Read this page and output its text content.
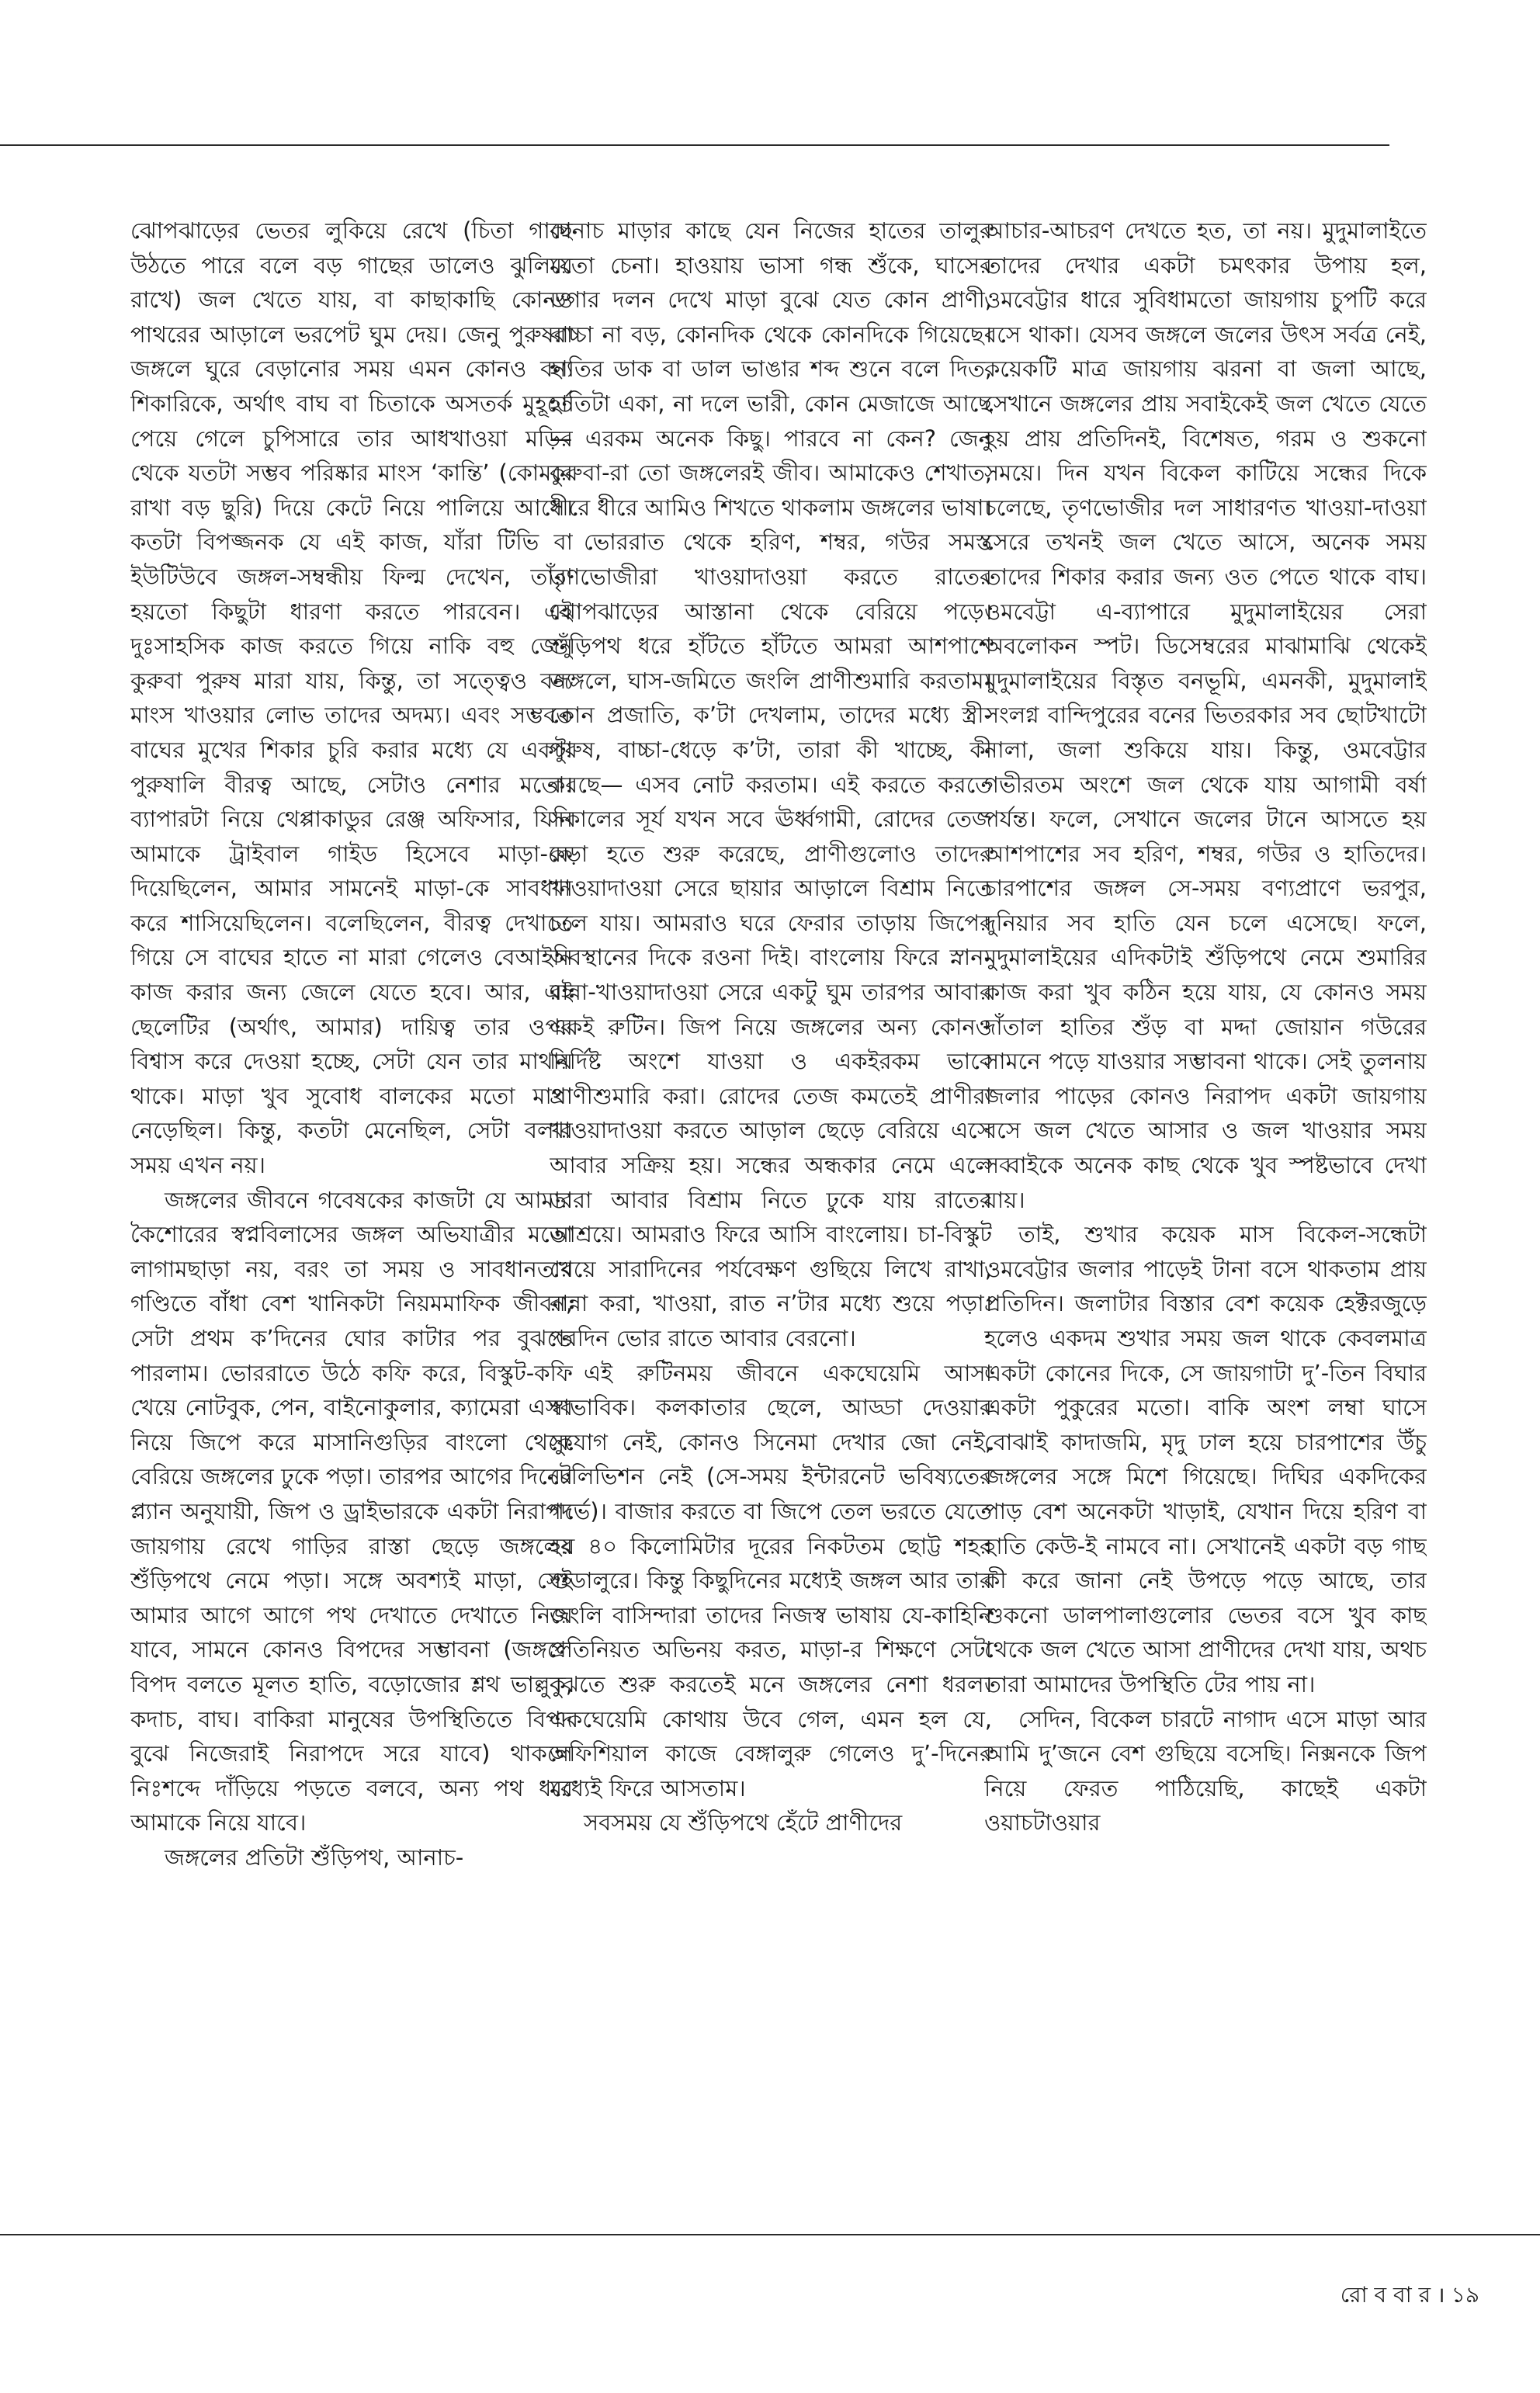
ঝোপঝাড়ের ভেতর লুকিয়ে রেখে (চিতা গাছে উঠতে পারে বলে বড় গাছের ডালেও ঝুলিয়ে রাখে) জল খেতে যায়, বা কাছাকাছি কোনও পাথরের আড়ালে ভরপেট ঘুম দেয়। জেনু পুরুষরা জঙ্গলে ঘুরে বেড়ানোর সময় এমন কোনও বন্য শিকারিকে, অর্থাৎ বাঘ বা চিতাকে অসতর্ক মুহূর্তে পেয়ে গেলে চুপিসারে তার আধখাওয়া মড়ির থেকে যতটা সম্ভব পরিষ্কার মাংস ‘কান্তি’ (কোমরে রাখা বড় ছুরি) দিয়ে কেটে নিয়ে পালিয়ে আসে। কতটা বিপজ্জনক যে এই কাজ, যাঁরা টিভি বা ইউটিউবে জঙ্গল-সম্বন্ধীয় ফিল্ম দেখেন, তাঁরা হয়তো কিছুটা ধারণা করতে পারবেন। এই দুঃসাহসিক কাজ করতে গিয়ে নাকি বহু জেনু কুরুবা পুরুষ মারা যায়, কিন্তু, তা সত্ত্বেও বন্য মাংস খাওয়ার লোভ তাদের অদম্য। এবং সম্ভবত বাঘের মুখের শিকার চুরি করার মধ্যে যে একটা পুরুষালি বীরত্ব আছে, সেটাও নেশার মতো। ব্যাপারটা নিয়ে থেপ্পাকাডুর রেঞ্জ অফিসার, যিনি আমাকে ট্রাইবাল গাইড হিসেবে মাড়া-কে দিয়েছিলেন, আমার সামনেই মাড়া-কে সাবধান করে শাসিয়েছিলেন। বলেছিলেন, বীরত্ব দেখাতে গিয়ে সে বাঘের হাতে না মারা গেলেও বেআইনি কাজ করার জন্য জেলে যেতে হবে। আর, এই ছেলেটির (অর্থাৎ, আমার) দায়িত্ব তার ওপর বিশ্বাস করে দেওয়া হচ্ছে, সেটা যেন তার মাথায় থাকে। মাড়া খুব সুবোধ বালকের মতো মাথা নেড়েছিল। কিন্তু, কতটা মেনেছিল, সেটা বলার সময় এখন নয়।

জঙ্গলের জীবনে গবেষকের কাজটা যে আমার কৈশোরের স্বপ্নবিলাসের জঙ্গল অভিযাত্রীর মতো লাগামছাড়া নয়, বরং তা সময় ও সাবধানতার গণ্ডিতে বাঁধা বেশ খানিকটা নিয়মমাফিক জীবন, সেটা প্রথম ক’দিনের ঘোর কাটার পর বুঝতে পারলাম। ভোররাতে উঠে কফি করে, বিস্কুট-কফি খেয়ে নোটবুক, পেন, বাইনোকুলার, ক্যামেরা এসব নিয়ে জিপে করে মাসানিগুড়ির বাংলো থেকে বেরিয়ে জঙ্গলের ঢুকে পড়া। তারপর আগের দিনের প্ল্যান অনুযায়ী, জিপ ও ড্রাইভারকে একটা নিরাপদ জায়গায় রেখে গাড়ির রাস্তা ছেড়ে জঙ্গলের শুঁড়িপথে নেমে পড়া। সঙ্গে অবশ্যই মাড়া, সেই আমার আগে আগে পথ দেখাতে দেখাতে নিয়ে যাবে, সামনে কোনও বিপদের সম্ভাবনা (জঙ্গলে বিপদ বলতে মূলত হাতি, বড়োজোর শ্লথ ভাল্লুক, কদাচ, বাঘ। বাকিরা মানুষের উপস্থিতিতে বিপদ বুঝে নিজেরাই নিরাপদে সরে যাবে) থাকলে নিঃশব্দে দাঁড়িয়ে পড়তে বলবে, অন্য পথ ধরে আমাকে নিয়ে যাবে।

জঙ্গলের প্রতিটা শুঁড়িপথ, আনাচ-

কানাচ মাড়ার কাছে যেন নিজের হাতের তালুর মতো চেনা। হাওয়ায় ভাসা গন্ধ শুঁকে, ঘাসের ডগার দলন দেখে মাড়া বুঝে যেত কোন প্রাণী, বাচ্চা না বড়, কোনদিক থেকে কোনদিকে গিয়েছে। হাতির ডাক বা ডাল ভাঙার শব্দ শুনে বলে দিত, হাতিটা একা, না দলে ভারী, কোন মেজাজে আছে— এরকম অনেক কিছু। পারবে না কেন? জেনু কুরুবা-রা তো জঙ্গলেরই জীব। আমাকেও শেখাত, ধীরে ধীরে আমিও শিখতে থাকলাম জঙ্গলের ভাষা।

ভোররাত থেকে হরিণ, শম্বর, গউর সমস্ত তৃণভোজীরা খাওয়াদাওয়া করতে রাতের ঝোপঝাড়ের আস্তানা থেকে বেরিয়ে পড়ে। শুঁড়িপথ ধরে হাঁটতে হাঁটতে আমরা আশপাশে জঙ্গলে, ঘাস-জমিতে জংলি প্রাণীশুমারি করতাম। কোন প্রজাতি, ক’টা দেখলাম, তাদের মধ্যে স্ত্রী-পুরুষ, বাচ্চা-ধেড়ে ক’টা, তারা কী খাচ্ছে, কী করছে— এসব নোট করতাম। এই করতে করতে সকালের সূর্য যখন সবে ঊর্ধ্বগামী, রোদের তেজ কড়া হতে শুরু করেছে, প্রাণীগুলোও তাদের খাওয়াদাওয়া সেরে ছায়ার আড়ালে বিশ্রাম নিতে চলে যায়। আমরাও ঘরে ফেরার তাড়ায় জিপের অবস্থানের দিকে রওনা দিই। বাংলোয় ফিরে স্নান-রান্না-খাওয়াদাওয়া সেরে একটু ঘুম তারপর আবার একই রুটিন। জিপ নিয়ে জঙ্গলের অন্য কোনও নির্দিষ্ট অংশে যাওয়া ও একইরকম ভাবে প্রাণীশুমারি করা। রোদের তেজ কমতেই প্রাণীরা খাওয়াদাওয়া করতে আড়াল ছেড়ে বেরিয়ে এসে আবার সক্রিয় হয়। সন্ধের অন্ধকার নেমে এলে তারা আবার বিশ্রাম নিতে ঢুকে যায় রাতের আশ্রয়ে। আমরাও ফিরে আসি বাংলোয়। চা-বিস্কুট খেয়ে সারাদিনের পর্যবেক্ষণ গুছিয়ে লিখে রাখা, রান্না করা, খাওয়া, রাত ন’টার মধ্যে শুয়ে পড়া। পরদিন ভোর রাতে আবার বেরনো।

এই রুটিনময় জীবনে একঘেয়েমি আসা স্বাভাবিক। কলকাতার ছেলে, আড্ডা দেওয়ার সুযোগ নেই, কোনও সিনেমা দেখার জো নেই, টেলিভিশন নেই (সে-সময় ইন্টারনেট ভবিষ্যতের গর্ভে)। বাজার করতে বা জিপে তেল ভরতে যেতে হয় ৪০ কিলোমিটার দূরের নিকটতম ছোট্ট শহর গুডালুরে। কিন্তু কিছুদিনের মধ্যেই জঙ্গল আর তার জংলি বাসিন্দারা তাদের নিজস্ব ভাষায় যে-কাহিনি প্রতিনিয়ত অভিনয় করত, মাড়া-র শিক্ষণে সেটা বুঝতে শুরু করতেই মনে জঙ্গলের নেশা ধরল। একঘেয়েমি কোথায় উবে গেল, এমন হল যে, অফিশিয়াল কাজে বেঙ্গালুরু গেলেও দু’-দিনের মধ্যেই ফিরে আসতাম।

সবসময় যে শুঁড়িপথে হেঁটে প্রাণীদের

আচার-আচরণ দেখতে হত, তা নয়। মুদুমালাইতে তাদের দেখার একটা চমৎকার উপায় হল, ওমবেট্টার ধারে সুবিধামতো জায়গায় চুপটি করে বসে থাকা। যেসব জঙ্গলে জলের উৎস সর্বত্র নেই, কয়েকটি মাত্র জায়গায় ঝরনা বা জলা আছে, সেখানে জঙ্গলের প্রায় সবাইকেই জল খেতে যেতে হয় প্রায় প্রতিদিনই, বিশেষত, গরম ও শুকনো সময়ে। দিন যখন বিকেল কাটিয়ে সন্ধের দিকে চলেছে, তৃণভোজীর দল সাধারণত খাওয়া-দাওয়া সেরে তখনই জল খেতে আসে, অনেক সময় তাদের শিকার করার জন্য ওত পেতে থাকে বাঘ। ওমবেট্টা এ-ব্যাপারে মুদুমালাইয়ের সেরা অবলোকন স্পট। ডিসেম্বরের মাঝামাঝি থেকেই মুদুমালাইয়ের বিস্তৃত বনভূমি, এমনকী, মুদুমালাই সংলগ্ন বান্দিপুরের বনের ভিতরকার সব ছোটখাটো নালা, জলা শুকিয়ে যায়। কিন্তু, ওমবেট্টার গভীরতম অংশে জল থেকে যায় আগামী বর্ষা পর্যন্ত। ফলে, সেখানে জলের টানে আসতে হয় আশপাশের সব হরিণ, শম্বর, গউর ও হাতিদের। চারপাশের জঙ্গল সে-সময় বণ্যপ্রাণে ভরপুর, দুনিয়ার সব হাতি যেন চলে এসেছে। ফলে, মুদুমালাইয়ের এদিকটাই শুঁড়িপথে নেমে শুমারির কাজ করা খুব কঠিন হয়ে যায়, যে কোনও সময় দাঁতাল হাতির শুঁড় বা মদ্দা জোয়ান গউরের সামনে পড়ে যাওয়ার সম্ভাবনা থাকে। সেই তুলনায় জলার পাড়ের কোনও নিরাপদ একটা জায়গায় বসে জল খেতে আসার ও জল খাওয়ার সময় সব্বাইকে অনেক কাছ থেকে খুব স্পষ্টভাবে দেখা যায়।

তাই, শুখার কয়েক মাস বিকেল-সন্ধেটা ওমবেট্টার জলার পাড়েই টানা বসে থাকতাম প্রায় প্রতিদিন। জলাটার বিস্তার বেশ কয়েক হেক্টরজুড়ে হলেও একদম শুখার সময় জল থাকে কেবলমাত্র একটা কোনের দিকে, সে জায়গাটা দু’-তিন বিঘার একটা পুকুরের মতো। বাকি অংশ লম্বা ঘাসে বোঝাই কাদাজমি, মৃদু ঢাল হয়ে চারপাশের উঁচু জঙ্গলের সঙ্গে মিশে গিয়েছে। দিঘির একদিকের পাড় বেশ অনেকটা খাড়াই, যেখান দিয়ে হরিণ বা হাতি কেউ-ই নামবে না। সেখানেই একটা বড় গাছ কী করে জানা নেই উপড়ে পড়ে আছে, তার শুকনো ডালপালাগুলোর ভেতর বসে খুব কাছ থেকে জল খেতে আসা প্রাণীদের দেখা যায়, অথচ তারা আমাদের উপস্থিতি টের পায় না।

সেদিন, বিকেল চারটে নাগাদ এসে মাড়া আর আমি দু’জনে বেশ গুছিয়ে বসেছি। নিক্সনকে জিপ নিয়ে ফেরত পাঠিয়েছি, কাছেই একটা ওয়াচটাওয়ার

রো ব বা র । ১৯
